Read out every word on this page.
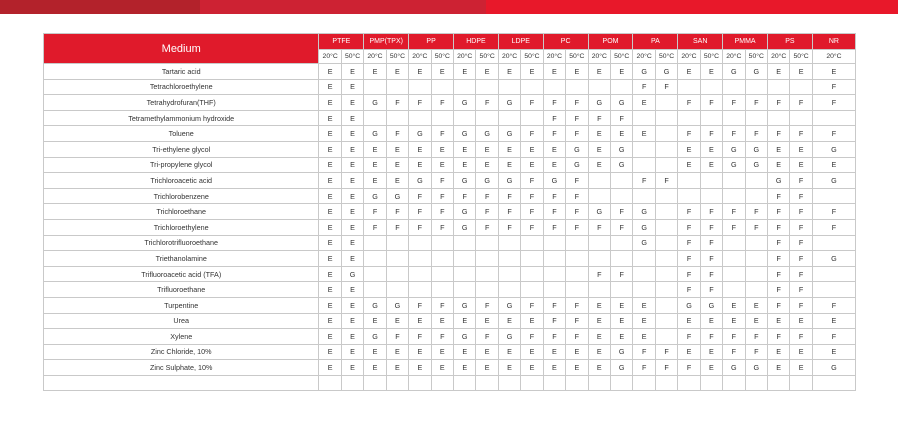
Medium	PTFE		PMP(TPX)		PP		HDPE		LDPE		PC		POM		PA		SAN		PMMA		PS		NR
	20°C	50°C	20°C	50°C	20°C	50°C	20°C	50°C	20°C	50°C	20°C	50°C	20°C	50°C	20°C	50°C	20°C	50°C	20°C	50°C	20°C	50°C	20°C
Tartaric acid	E	E	E	E	E	E	E	E	E	E	E	E	E	E	G	G	E	E	G	G	E	E	E
Tetrachloroethylene	E	E													F	F							F
Tetrahydrofuran(THF)	E	E	G	F	F	F	G	F	G	F	F	F	G	G	E		F	F	F	F	F	F	F
Tetramethylammonium hydroxide	E	E									F	F	F	F									
Toluene	E	E	G	F	G	F	G	G	G	F	F	F	E	E	E		F	F	F	F	F	F	F
Tri-ethylene glycol	E	E	E	E	E	E	E	E	E	E	E	G	E	G			E	E	G	G	E	E	G
Tri-propylene glycol	E	E	E	E	E	E	E	E	E	E	E	G	E	G			E	E	G	G	E	E	E
Trichloroacetic acid	E	E	E	E	G	F	G	G	G	F	G	F			F	F					G	F	G
Trichlorobenzene	E	E	G	G	F	F	F	F	F	F	F	F									F	F	
Trichloroethane	E	E	F	F	F	F	G	F	F	F	F	F	G	F	G		F	F	F	F	F	F	F
Trichloroethylene	E	E	F	F	F	F	G	F	F	F	F	F	F	F	G		F	F	F	F	F	F	F
Trichlorotrifluoroethane	E	E													G		F	F			F	F	
Triethanolamine	E	E															F	F			F	F	G
Trifluoroacetic acid (TFA)	E	G											F	F			F	F			F	F	
Trifluoroethane	E	E															F	F			F	F	
Turpentine	E	E	G	G	F	F	G	F	G	F	F	F	E	E	E		G	G	E	E	F	F	F
Urea	E	E	E	E	E	E	E	E	E	E	F	F	E	E	E		E	E	E	E	E	E	E
Xylene	E	E	G	F	F	F	G	F	G	F	F	F	E	E	E		F	F	F	F	F	F	F
Zinc Chloride, 10%	E	E	E	E	E	E	E	E	E	E	E	E	E	G	F	F	E	E	F	F	E	E	E
Zinc Sulphate, 10%	E	E	E	E	E	E	E	E	E	E	E	E	E	G	F	F	F	E	G	G	E	E	G
